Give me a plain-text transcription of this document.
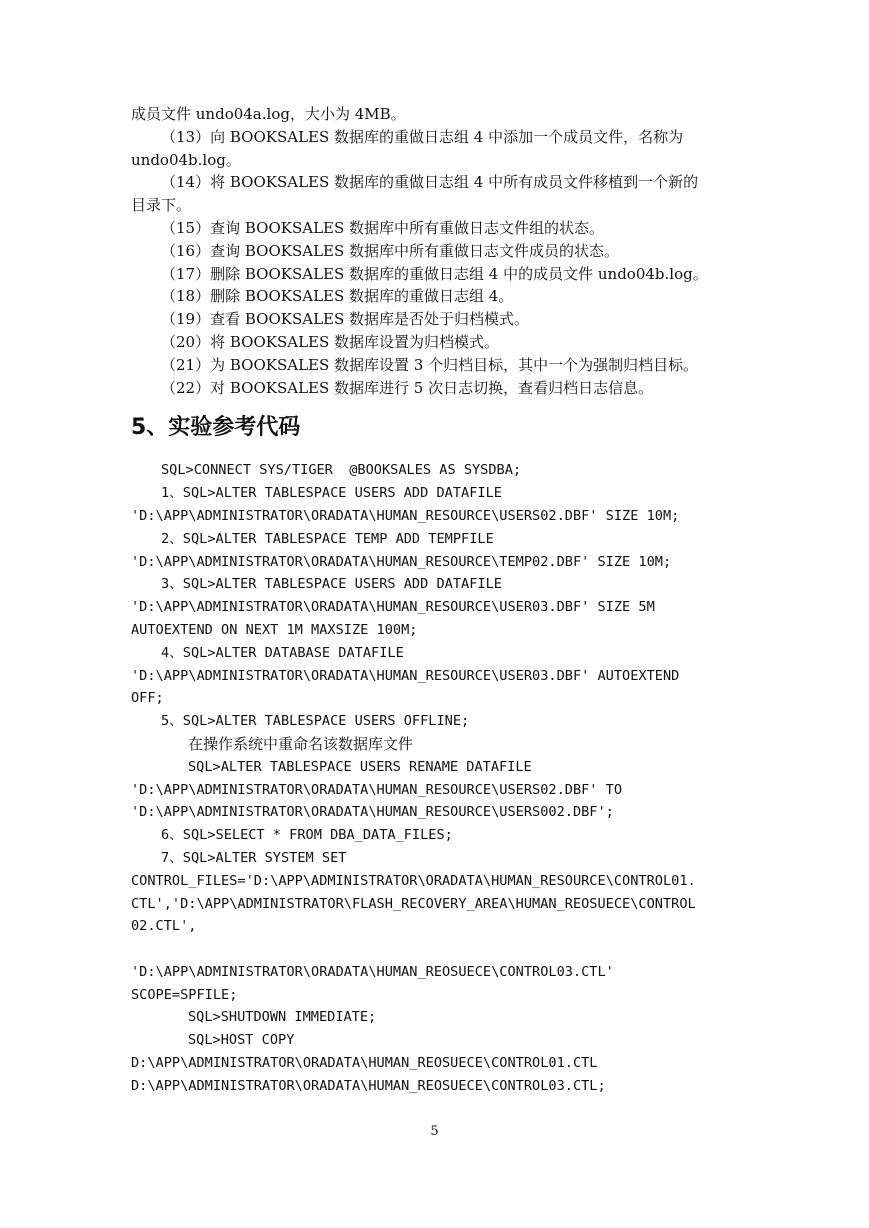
成员文件 undo04a.log，大小为 4MB。
（13）向 BOOKSALES 数据库的重做日志组 4 中添加一个成员文件，名称为
undo04b.log。
（14）将 BOOKSALES 数据库的重做日志组 4 中所有成员文件移植到一个新的
目录下。
（15）查询 BOOKSALES 数据库中所有重做日志文件组的状态。
（16）查询 BOOKSALES 数据库中所有重做日志文件成员的状态。
（17）删除 BOOKSALES 数据库的重做日志组 4 中的成员文件 undo04b.log。
（18）删除 BOOKSALES 数据库的重做日志组 4。
（19）查看 BOOKSALES 数据库是否处于归档模式。
（20）将 BOOKSALES 数据库设置为归档模式。
（21）为 BOOKSALES 数据库设置 3 个归档目标，其中一个为强制归档目标。
（22）对 BOOKSALES 数据库进行 5 次日志切换，查看归档日志信息。
5、实验参考代码
SQL>CONNECT SYS/TIGER  @BOOKSALES AS SYSDBA;
1、SQL>ALTER TABLESPACE USERS ADD DATAFILE
'D:\APP\ADMINISTRATOR\ORADATA\HUMAN_RESOURCE\USERS02.DBF' SIZE 10M;
2、SQL>ALTER TABLESPACE TEMP ADD TEMPFILE
'D:\APP\ADMINISTRATOR\ORADATA\HUMAN_RESOURCE\TEMP02.DBF' SIZE 10M;
3、SQL>ALTER TABLESPACE USERS ADD DATAFILE
'D:\APP\ADMINISTRATOR\ORADATA\HUMAN_RESOURCE\USER03.DBF' SIZE 5M
AUTOEXTEND ON NEXT 1M MAXSIZE 100M;
4、SQL>ALTER DATABASE DATAFILE
'D:\APP\ADMINISTRATOR\ORADATA\HUMAN_RESOURCE\USER03.DBF' AUTOEXTEND
OFF;
5、SQL>ALTER TABLESPACE USERS OFFLINE;
在操作系统中重命名该数据库文件
SQL>ALTER TABLESPACE USERS RENAME DATAFILE
'D:\APP\ADMINISTRATOR\ORADATA\HUMAN_RESOURCE\USERS02.DBF' TO
'D:\APP\ADMINISTRATOR\ORADATA\HUMAN_RESOURCE\USERS002.DBF';
6、SQL>SELECT * FROM DBA_DATA_FILES;
7、SQL>ALTER SYSTEM SET
CONTROL_FILES='D:\APP\ADMINISTRATOR\ORADATA\HUMAN_RESOURCE\CONTROL01.
CTL','D:\APP\ADMINISTRATOR\FLASH_RECOVERY_AREA\HUMAN_REOSUECE\CONTROL
02.CTL',
'D:\APP\ADMINISTRATOR\ORADATA\HUMAN_REOSUECE\CONTROL03.CTL'
SCOPE=SPFILE;
SQL>SHUTDOWN IMMEDIATE;
SQL>HOST COPY
D:\APP\ADMINISTRATOR\ORADATA\HUMAN_REOSUECE\CONTROL01.CTL
D:\APP\ADMINISTRATOR\ORADATA\HUMAN_REOSUECE\CONTROL03.CTL;
5
